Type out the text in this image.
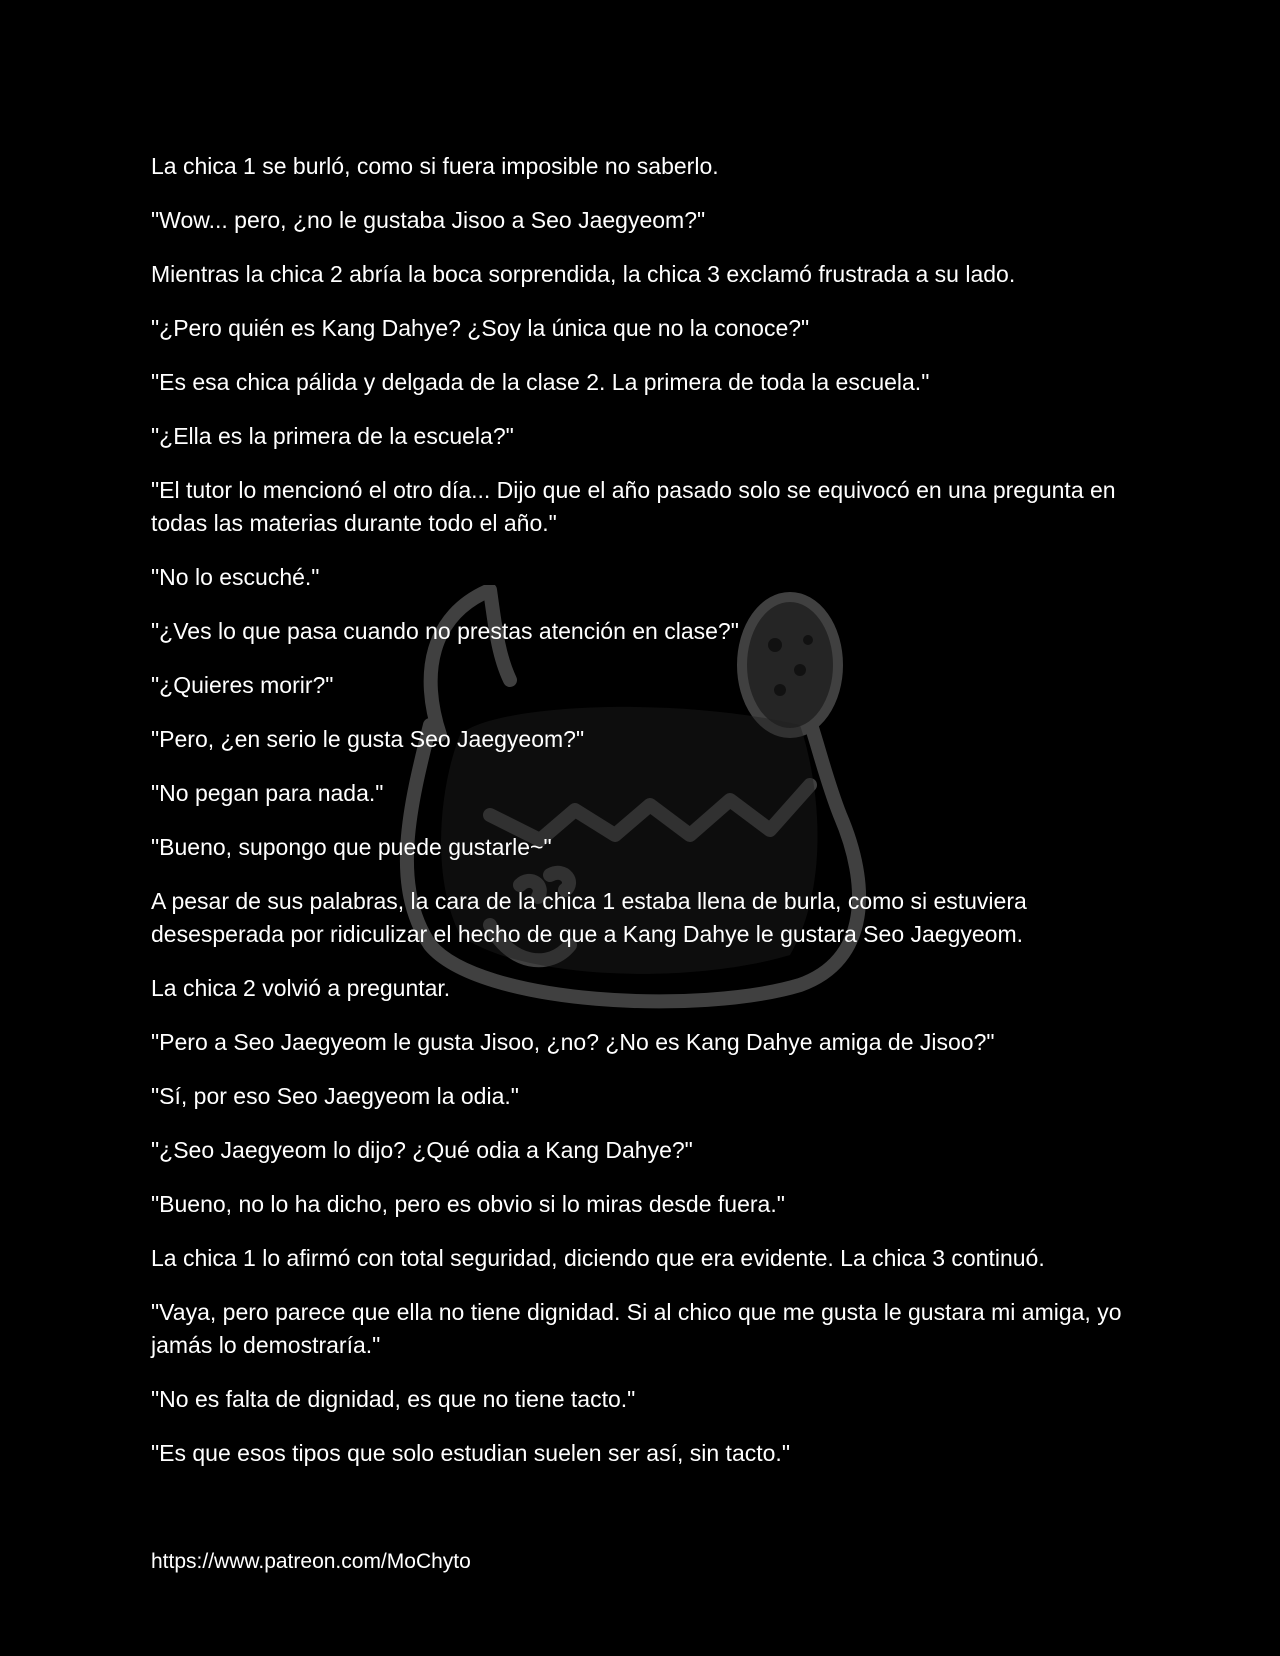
La chica 1 se burló, como si fuera imposible no saberlo.

"Wow... pero, ¿no le gustaba Jisoo a Seo Jaegyeom?"

Mientras la chica 2 abría la boca sorprendida, la chica 3 exclamó frustrada a su lado.

"¿Pero quién es Kang Dahye? ¿Soy la única que no la conoce?"

"Es esa chica pálida y delgada de la clase 2. La primera de toda la escuela."

"¿Ella es la primera de la escuela?"

"El tutor lo mencionó el otro día... Dijo que el año pasado solo se equivocó en una pregunta en todas las materias durante todo el año."

"No lo escuché."

"¿Ves lo que pasa cuando no prestas atención en clase?"

"¿Quieres morir?"

"Pero, ¿en serio le gusta Seo Jaegyeom?"

"No pegan para nada."

"Bueno, supongo que puede gustarle~"

A pesar de sus palabras, la cara de la chica 1 estaba llena de burla, como si estuviera desesperada por ridiculizar el hecho de que a Kang Dahye le gustara Seo Jaegyeom.

La chica 2 volvió a preguntar.

"Pero a Seo Jaegyeom le gusta Jisoo, ¿no? ¿No es Kang Dahye amiga de Jisoo?"

"Sí, por eso Seo Jaegyeom la odia."

"¿Seo Jaegyeom lo dijo? ¿Qué odia a Kang Dahye?"

"Bueno, no lo ha dicho, pero es obvio si lo miras desde fuera."

La chica 1 lo afirmó con total seguridad, diciendo que era evidente. La chica 3 continuó.

"Vaya, pero parece que ella no tiene dignidad. Si al chico que me gusta le gustara mi amiga, yo jamás lo demostraría."

"No es falta de dignidad, es que no tiene tacto."

"Es que esos tipos que solo estudian suelen ser así, sin tacto."

https://www.patreon.com/MoChyto
